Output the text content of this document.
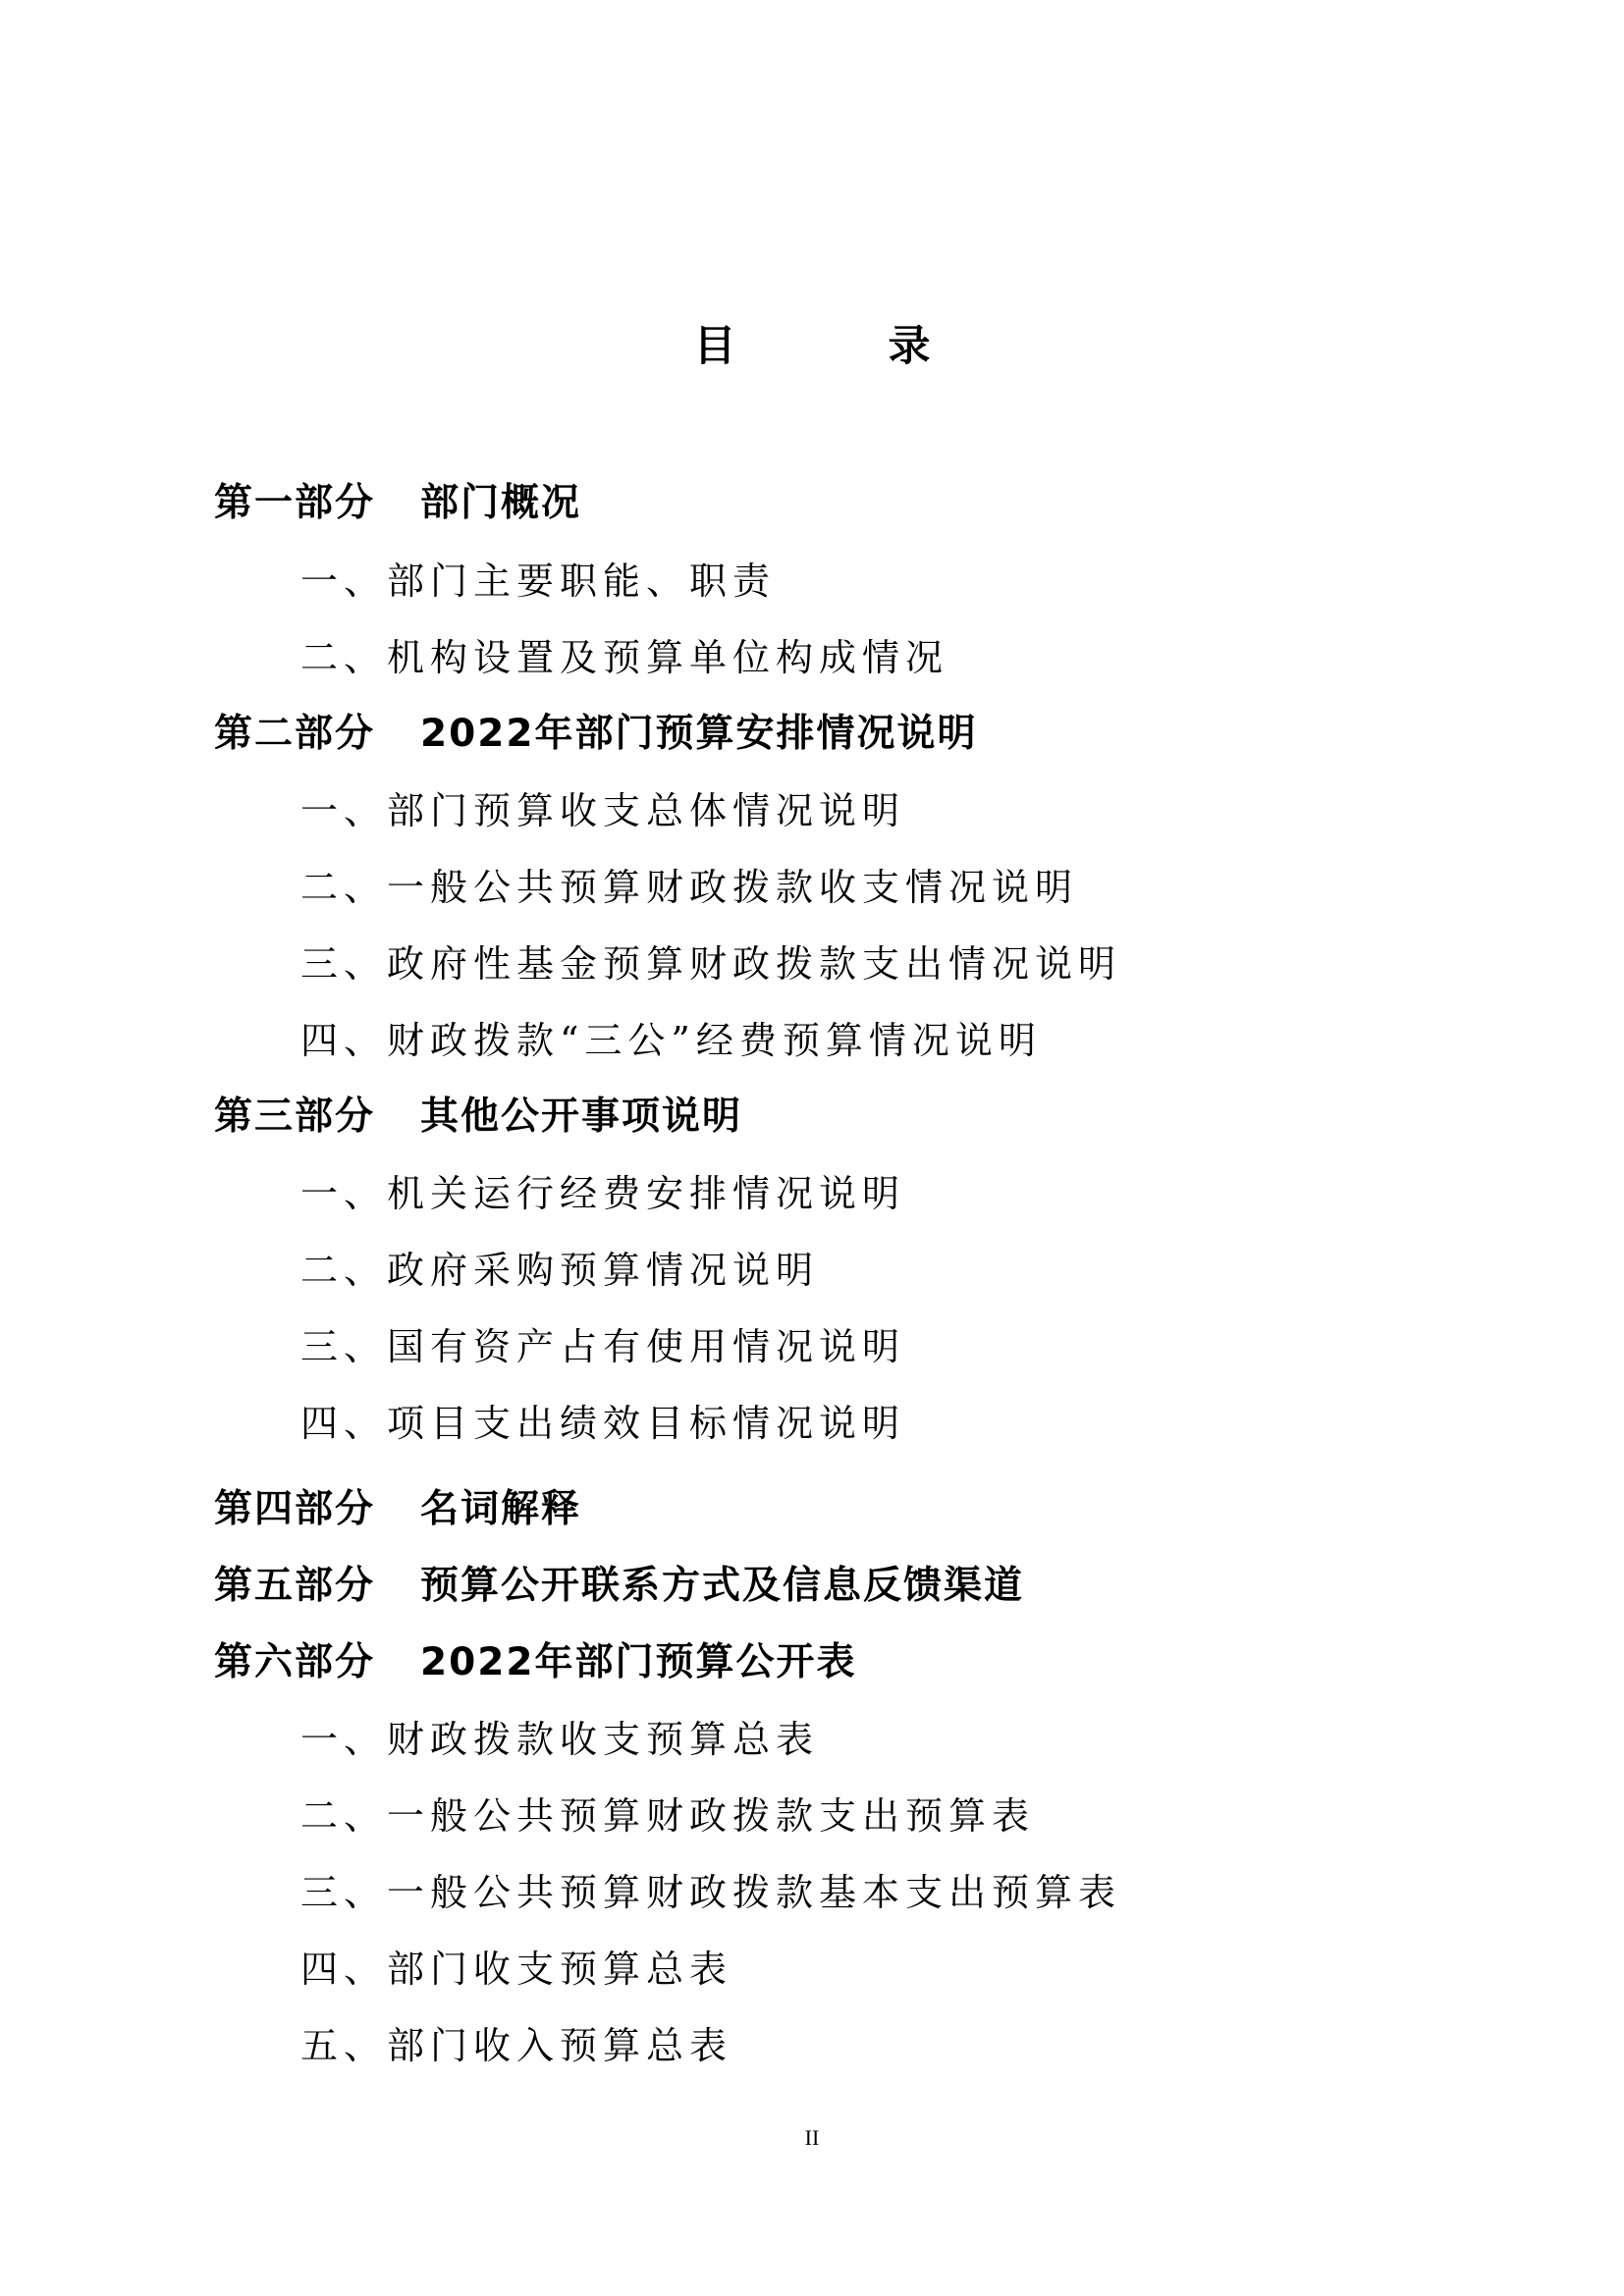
目　录
第一部分 部门概况
一、部门主要职能、职责
二、机构设置及预算单位构成情况
第二部分 2022年部门预算安排情况说明
一、部门预算收支总体情况说明
二、一般公共预算财政拨款收支情况说明
三、政府性基金预算财政拨款支出情况说明
四、财政拨款“三公”经费预算情况说明
第三部分 其他公开事项说明
一、机关运行经费安排情况说明
二、政府采购预算情况说明
三、国有资产占有使用情况说明
四、项目支出绩效目标情况说明
第四部分 名词解释
第五部分 预算公开联系方式及信息反馈渠道
第六部分 2022年部门预算公开表
一、财政拨款收支预算总表
二、一般公共预算财政拨款支出预算表
三、一般公共预算财政拨款基本支出预算表
四、部门收支预算总表
五、部门收入预算总表
II
